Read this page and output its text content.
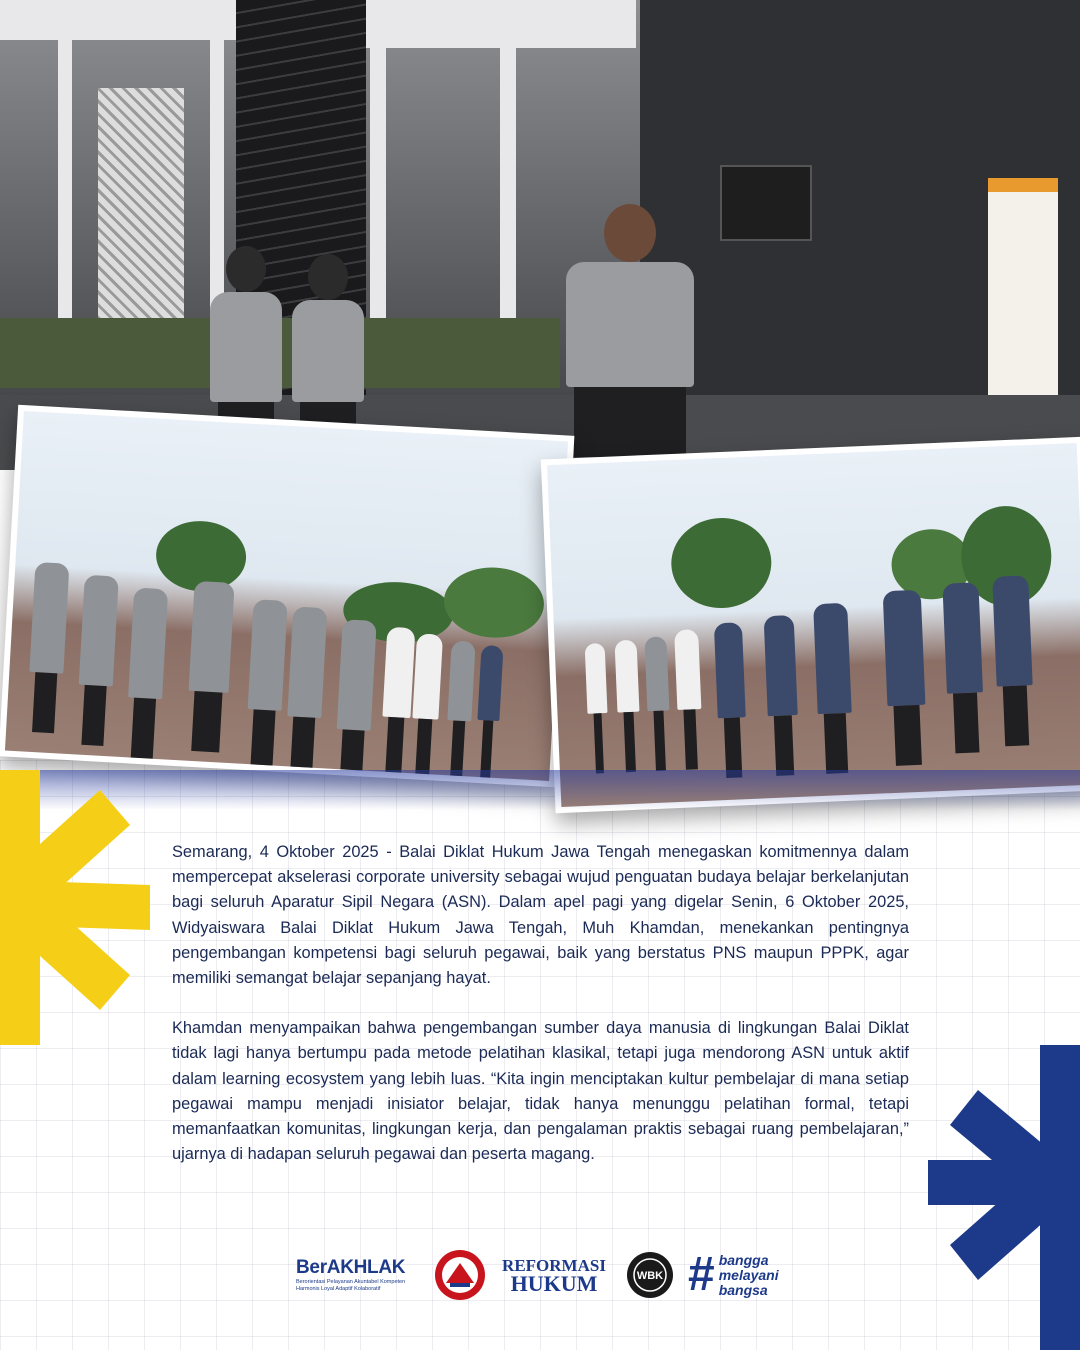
Semarang, 4 Oktober 2025 - Balai Diklat Hukum Jawa Tengah menegaskan komitmennya dalam mempercepat akselerasi corporate university sebagai wujud penguatan budaya belajar berkelanjutan bagi seluruh Aparatur Sipil Negara (ASN). Dalam apel pagi yang digelar Senin, 6 Oktober 2025, Widyaiswara Balai Diklat Hukum Jawa Tengah, Muh Khamdan, menekankan pentingnya pengembangan kompetensi bagi seluruh pegawai, baik yang berstatus PNS maupun PPPK, agar memiliki semangat belajar sepanjang hayat.

Khamdan menyampaikan bahwa pengembangan sumber daya manusia di lingkungan Balai Diklat tidak lagi hanya bertumpu pada metode pelatihan klasikal, tetapi juga mendorong ASN untuk aktif dalam learning ecosystem yang lebih luas. “Kita ingin menciptakan kultur pembelajar di mana setiap pegawai mampu menjadi inisiator belajar, tidak hanya menunggu pelatihan formal, tetapi memanfaatkan komunitas, lingkungan kerja, dan pengalaman praktis sebagai ruang pembelajaran,” ujarnya di hadapan seluruh pegawai dan peserta magang.

BerAKHLAK
Berorientasi Pelayanan Akuntabel Kompeten
Harmonis Loyal Adaptif Kolaboratif
REFORMASI
HUKUM	WBK # bangga
melayani
bangsa
